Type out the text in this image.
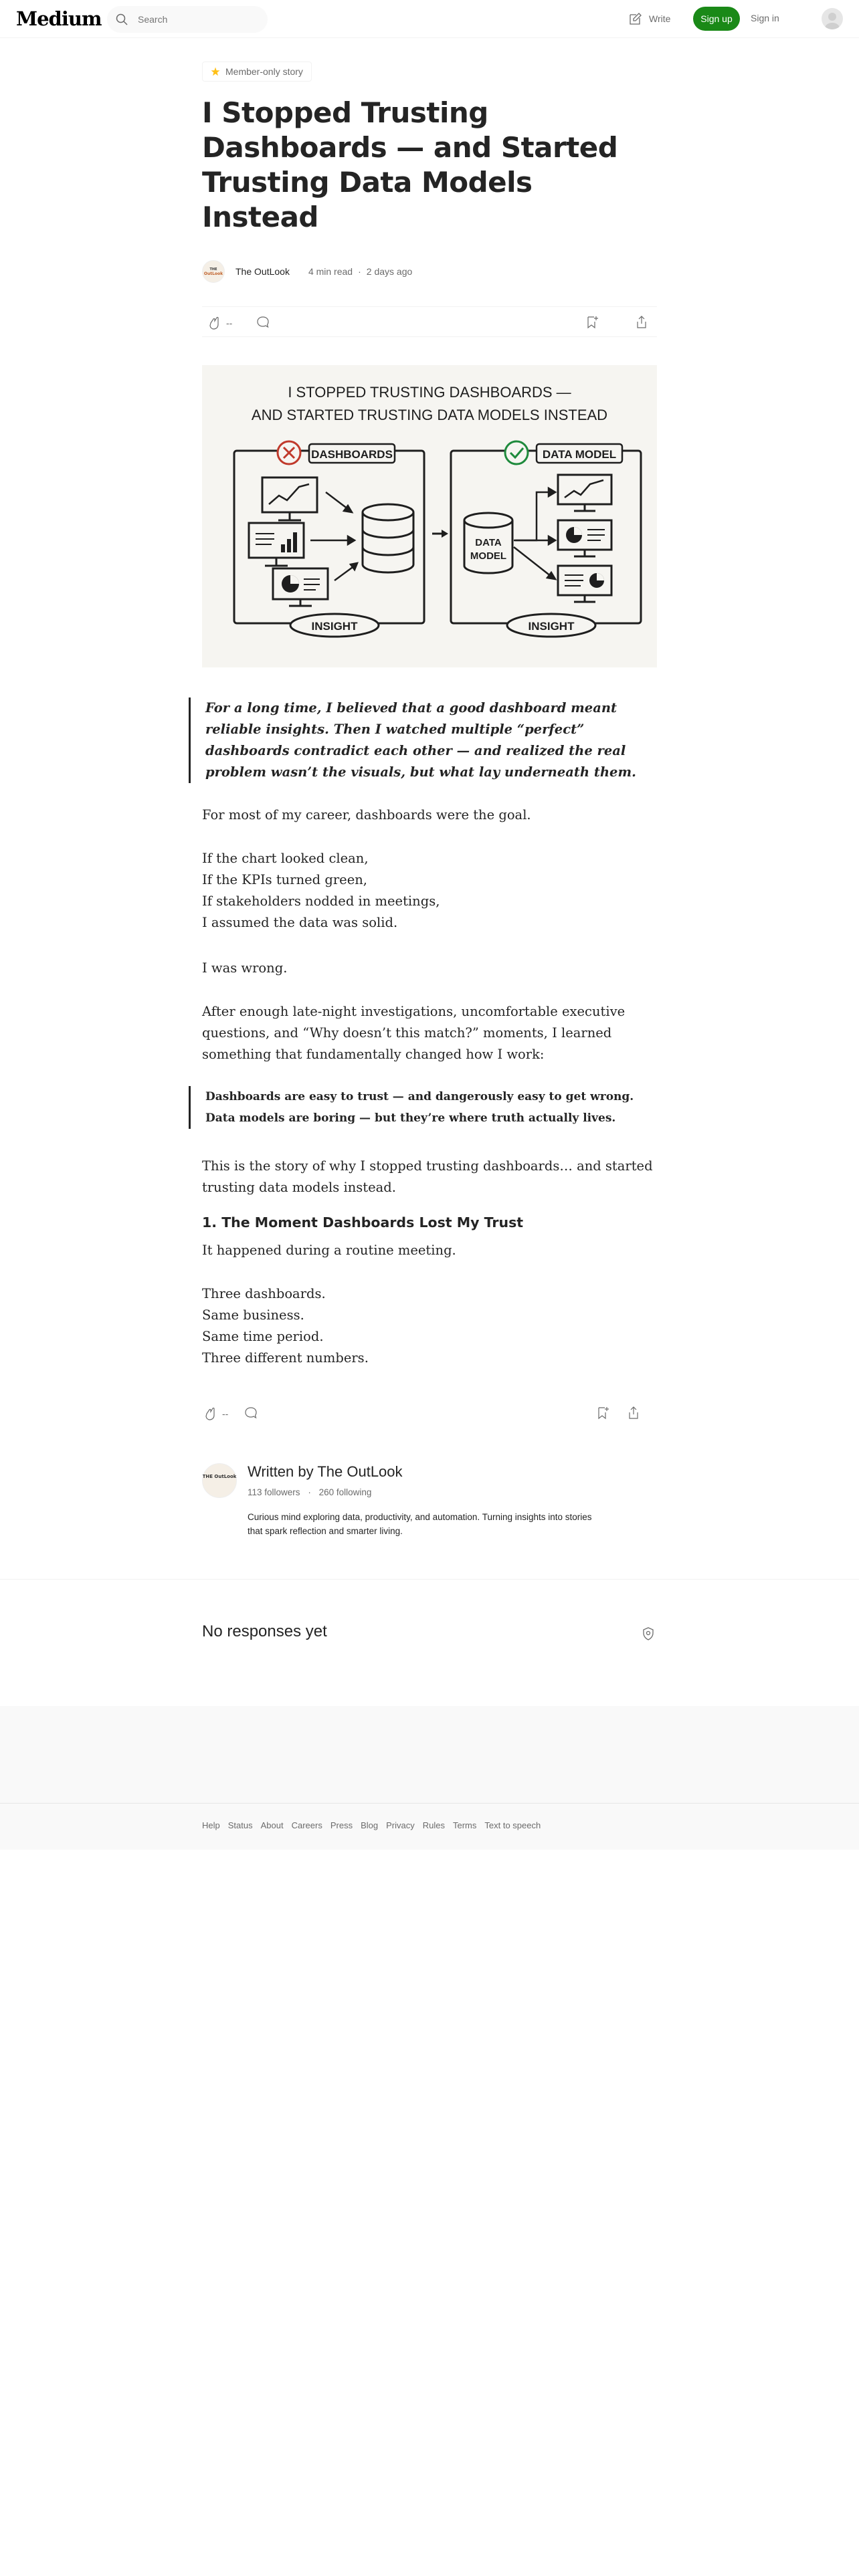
Medium
Search	Write	Sign up	Sign in
Member-only story
I Stopped Trusting Dashboards — and Started Trusting Data Models Instead
THE
OutLook The OutLook 4 min read · 2 days ago
--
I STOPPED TRUSTING DASHBOARDS —
AND STARTED TRUSTING DATA MODELS INSTEAD
DASHBOARDS
INSIGHT
DATA MODEL
DATA
MODEL
INSIGHT
For a long time, I believed that a good dashboard meant reliable insights. Then I watched multiple “perfect” dashboards contradict each other — and realized the real problem wasn’t the visuals, but what lay underneath them.

For most of my career, dashboards were the goal.

If the chart looked clean,
If the KPIs turned green,
If stakeholders nodded in meetings,
I assumed the data was solid.

I was wrong.

After enough late-night investigations, uncomfortable executive questions, and “Why doesn’t this match?” moments, I learned something that fundamentally changed how I work:

Dashboards are easy to trust — and dangerously easy to get wrong.
Data models are boring — but they’re where truth actually lives.

This is the story of why I stopped trusting dashboards… and started trusting data models instead.

1. The Moment Dashboards Lost My Trust

It happened during a routine meeting.

Three dashboards.
Same business.
Same time period.
Three different numbers.
--
THE OutLook Written by The OutLook
113 followers · 260 following
Curious mind exploring data, productivity, and automation. Turning insights into stories that spark reflection and smarter living.
No responses yet
Help Status About Careers Press Blog Privacy Rules Terms Text to speech
